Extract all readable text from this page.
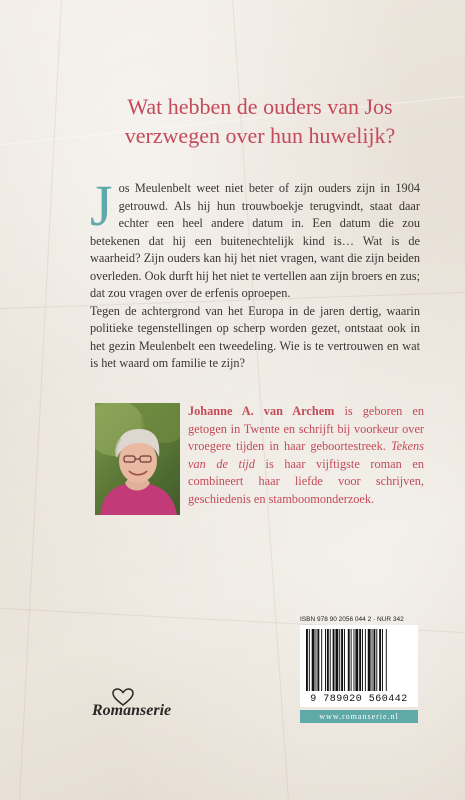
Wat hebben de ouders van Jos
verzwegen over hun huwelijk?

Jos Meulenbelt weet niet beter of zijn ouders zijn in 1904 getrouwd. Als hij hun trouwboekje terugvindt, staat daar echter een heel andere datum in. Een datum die zou betekenen dat hij een buitenechtelijk kind is… Wat is de waarheid? Zijn ouders kan hij het niet vragen, want die zijn beiden overleden. Ook durft hij het niet te vertellen aan zijn broers en zus; dat zou vragen over de erfenis oproepen.

Tegen de achtergrond van het Europa in de jaren dertig, waarin politieke tegenstellingen op scherp worden gezet, ontstaat ook in het gezin Meulenbelt een tweedeling. Wie is te vertrouwen en wat is het waard om familie te zijn?

Johanne A. van Archem is geboren en getogen in Twente en schrijft bij voorkeur over vroegere tijden in haar geboortestreek. Tekens van de tijd is haar vijftigste roman en combineert haar liefde voor schrijven, geschiedenis en stamboomonderzoek.
ISBN 978 90 2056 044 2 · NUR 342
9 789020 560442
www.romanserie.nl
Romanserie
